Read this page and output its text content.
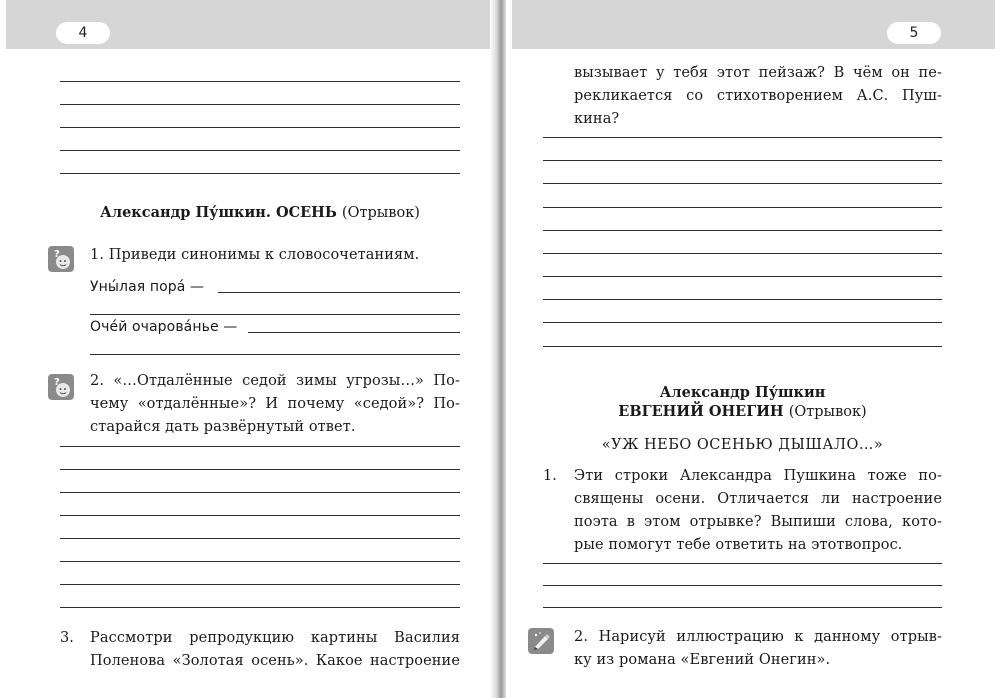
4
Александр Пу́шкин. ОСЕНЬ (Отрывок)
? 1. Приведи синонимы к словосочетаниям.
Уны́лая пора́ —
Очéй очарова́нье —
? 2. «…Отдалённые седой зимы угрозы…» По-
чему «отдалённые»? И почему «седой»? По-
старайся дать развёрнутый ответ.
3. Рассмотри репродукцию картины Василия
Поленова «Золотая осень». Какое настроение
5
вызывает у тебя этот пейзаж? В чём он пе-
рекликается со стихотворением А.С. Пуш-
кина?
Александр Пу́шкин
ЕВГЕНИЙ ОНЕГИН (Отрывок)
«УЖ НЕБО ОСЕНЬЮ ДЫШАЛО…»
1. Эти строки Александра Пушкина тоже по-
священы осени. Отличается ли настроение
поэта в этом отрывке? Выпиши слова, кото-
рые помогут тебе ответить на этотвопрос.
2. Нарисуй иллюстрацию к данному отрыв-
ку из романа «Евгений Онегин».
